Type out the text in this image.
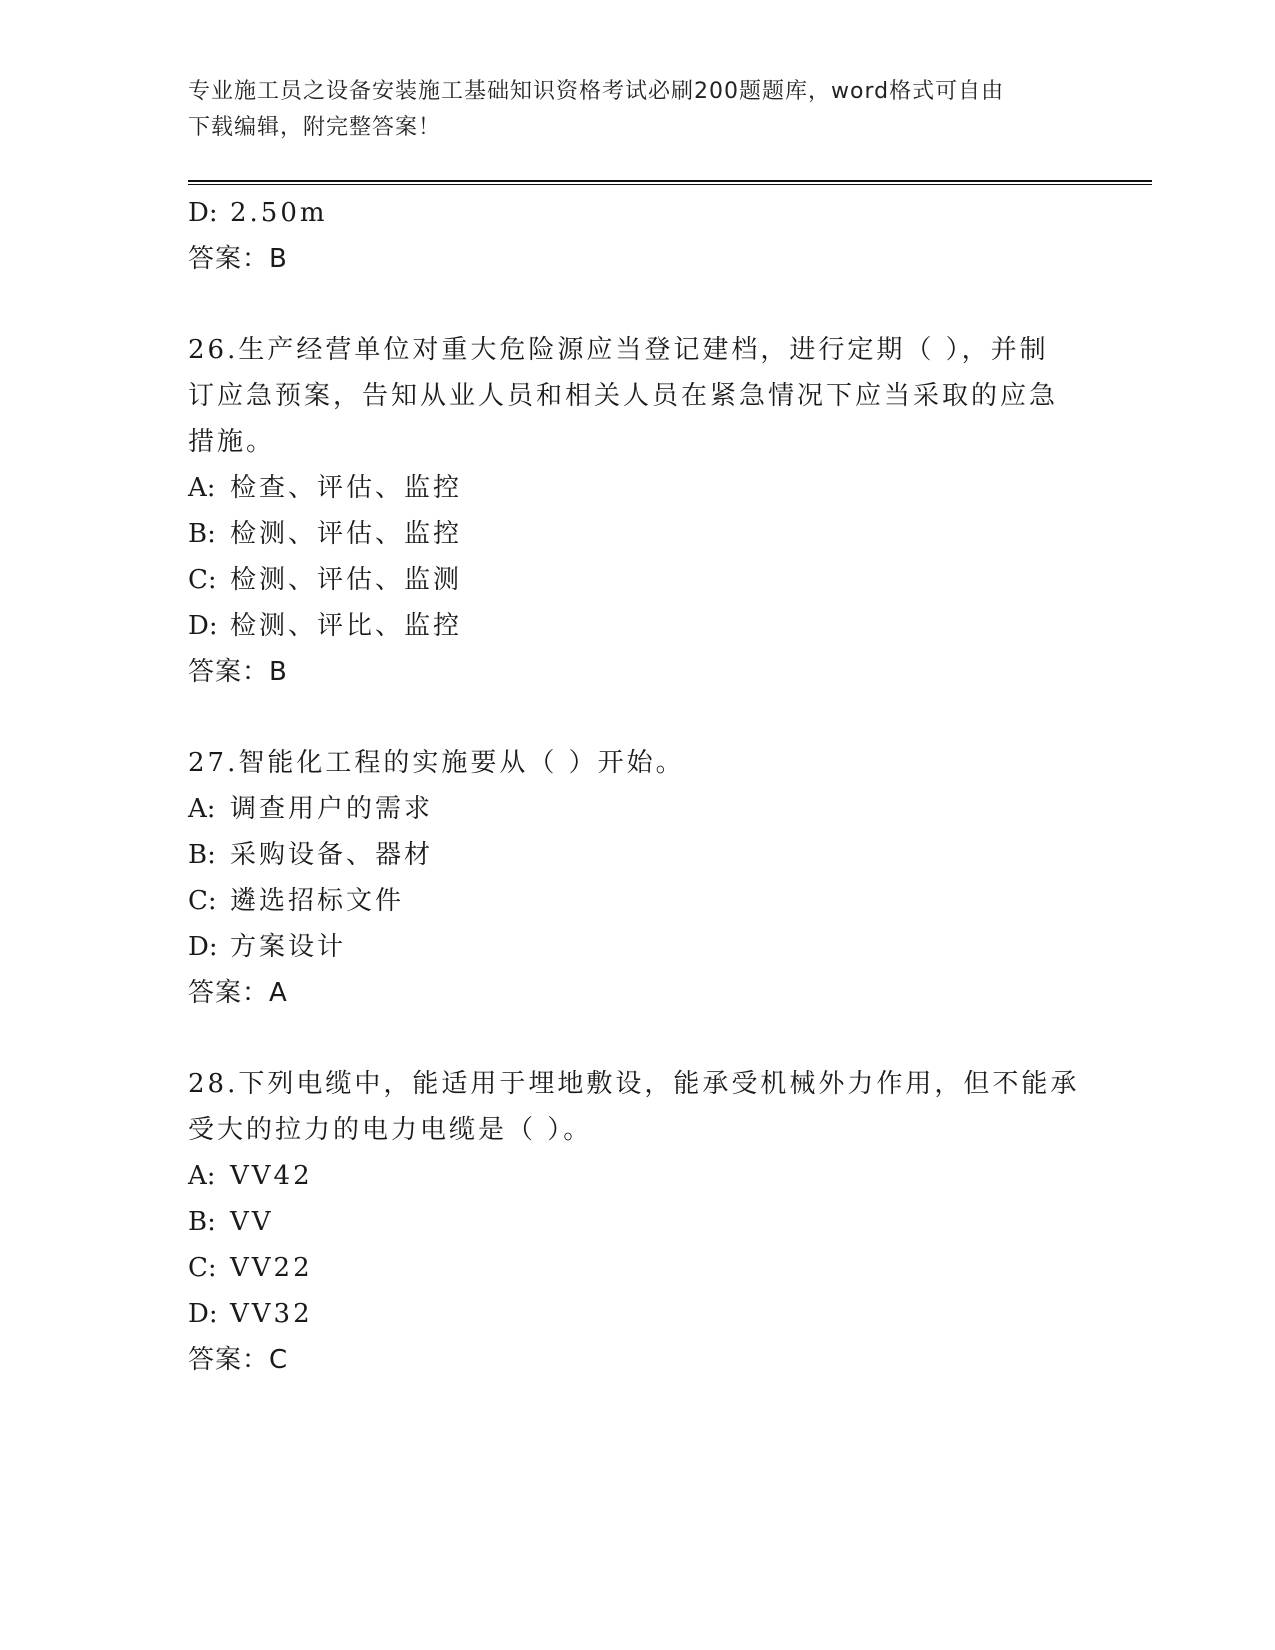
专业施工员之设备安装施工基础知识资格考试必刷200题题库，word格式可自由
下载编辑，附完整答案！
D: 2.50m
答案：B
26.生产经营单位对重大危险源应当登记建档，进行定期（ ），并制
订应急预案，告知从业人员和相关人员在紧急情况下应当采取的应急
措施。
A: 检查、评估、监控
B: 检测、评估、监控
C: 检测、评估、监测
D: 检测、评比、监控
答案：B
27.智能化工程的实施要从（ ）开始。
A: 调查用户的需求
B: 采购设备、器材
C: 遴选招标文件
D: 方案设计
答案：A
28.下列电缆中，能适用于埋地敷设，能承受机械外力作用，但不能承
受大的拉力的电力电缆是（ ）。
A: VV42
B: VV
C: VV22
D: VV32
答案：C
